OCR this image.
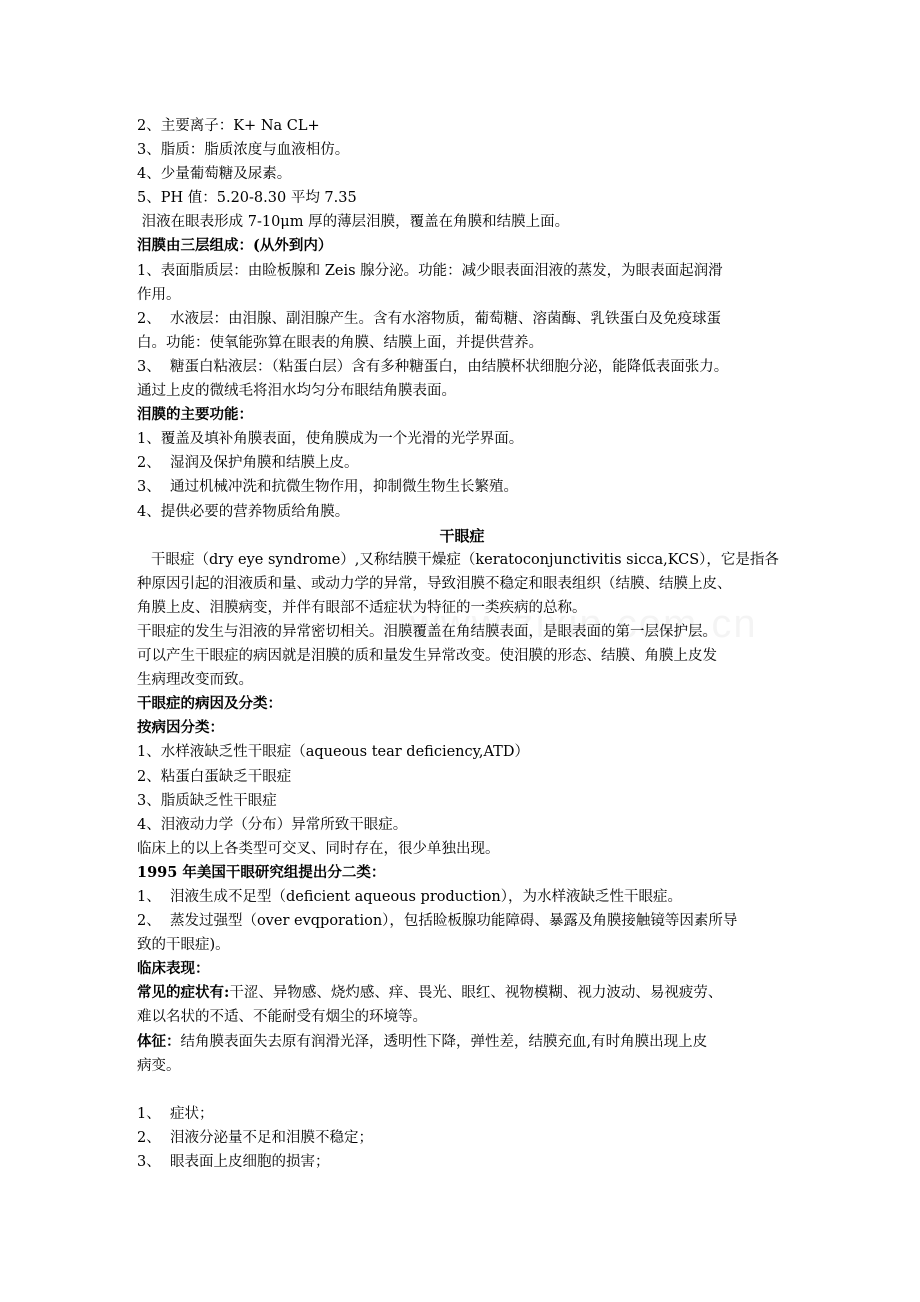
2、主要离子：K+ Na CL+
3、脂质：脂质浓度与血液相仿。
4、少量葡萄糖及尿素。
5、PH 值：5.20-8.30 平均 7.35
泪液在眼表形成 7-10μm 厚的薄层泪膜，覆盖在角膜和结膜上面。
泪膜由三层组成：(从外到内）
1、表面脂质层：由睑板腺和 Zeis 腺分泌。功能：减少眼表面泪液的蒸发，为眼表面起润滑
作用。
2、  水液层：由泪腺、副泪腺产生。含有水溶物质，葡萄糖、溶菌酶、乳铁蛋白及免疫球蛋
白。功能：使氧能弥算在眼表的角膜、结膜上面，并提供营养。
3、  糖蛋白粘液层：（粘蛋白层）含有多种糖蛋白，由结膜杯状细胞分泌，能降低表面张力。
通过上皮的微绒毛将泪水均匀分布眼结角膜表面。
泪膜的主要功能：
1、覆盖及填补角膜表面，使角膜成为一个光滑的光学界面。
2、  湿润及保护角膜和结膜上皮。
3、  通过机械冲洗和抗微生物作用，抑制微生物生长繁殖。
4、提供必要的营养物质给角膜。
干眼症
干眼症（dry eye syndrome）,又称结膜干燥症（keratoconjunctivitis sicca,KCS），它是指各
种原因引起的泪液质和量、或动力学的异常，导致泪膜不稳定和眼表组织（结膜、结膜上皮、
角膜上皮、泪膜病变，并伴有眼部不适症状为特征的一类疾病的总称。
干眼症的发生与泪液的异常密切相关。泪膜覆盖在角结膜表面，是眼表面的第一层保护层。
可以产生干眼症的病因就是泪膜的质和量发生异常改变。使泪膜的形态、结膜、角膜上皮发
生病理改变而致。
干眼症的病因及分类：
按病因分类：
1、水样液缺乏性干眼症（aqueous tear deficiency,ATD）
2、粘蛋白蛋缺乏干眼症
3、脂质缺乏性干眼症
4、泪液动力学（分布）异常所致干眼症。
临床上的以上各类型可交叉、同时存在，很少单独出现。
1995 年美国干眼研究组提出分二类：
1、  泪液生成不足型（deficient aqueous production），为水样液缺乏性干眼症。
2、  蒸发过强型（over evqporation），包括睑板腺功能障碍、暴露及角膜接触镜等因素所导
致的干眼症)。
临床表现：
常见的症状有:干涩、异物感、烧灼感、痒、畏光、眼红、视物模糊、视力波动、易视疲劳、
难以名状的不适、不能耐受有烟尘的环境等。
体征：结角膜表面失去原有润滑光泽，透明性下降，弹性差，结膜充血,有时角膜出现上皮
病变。

1、  症状；
2、  泪液分泌量不足和泪膜不稳定；
3、  眼表面上皮细胞的损害；
